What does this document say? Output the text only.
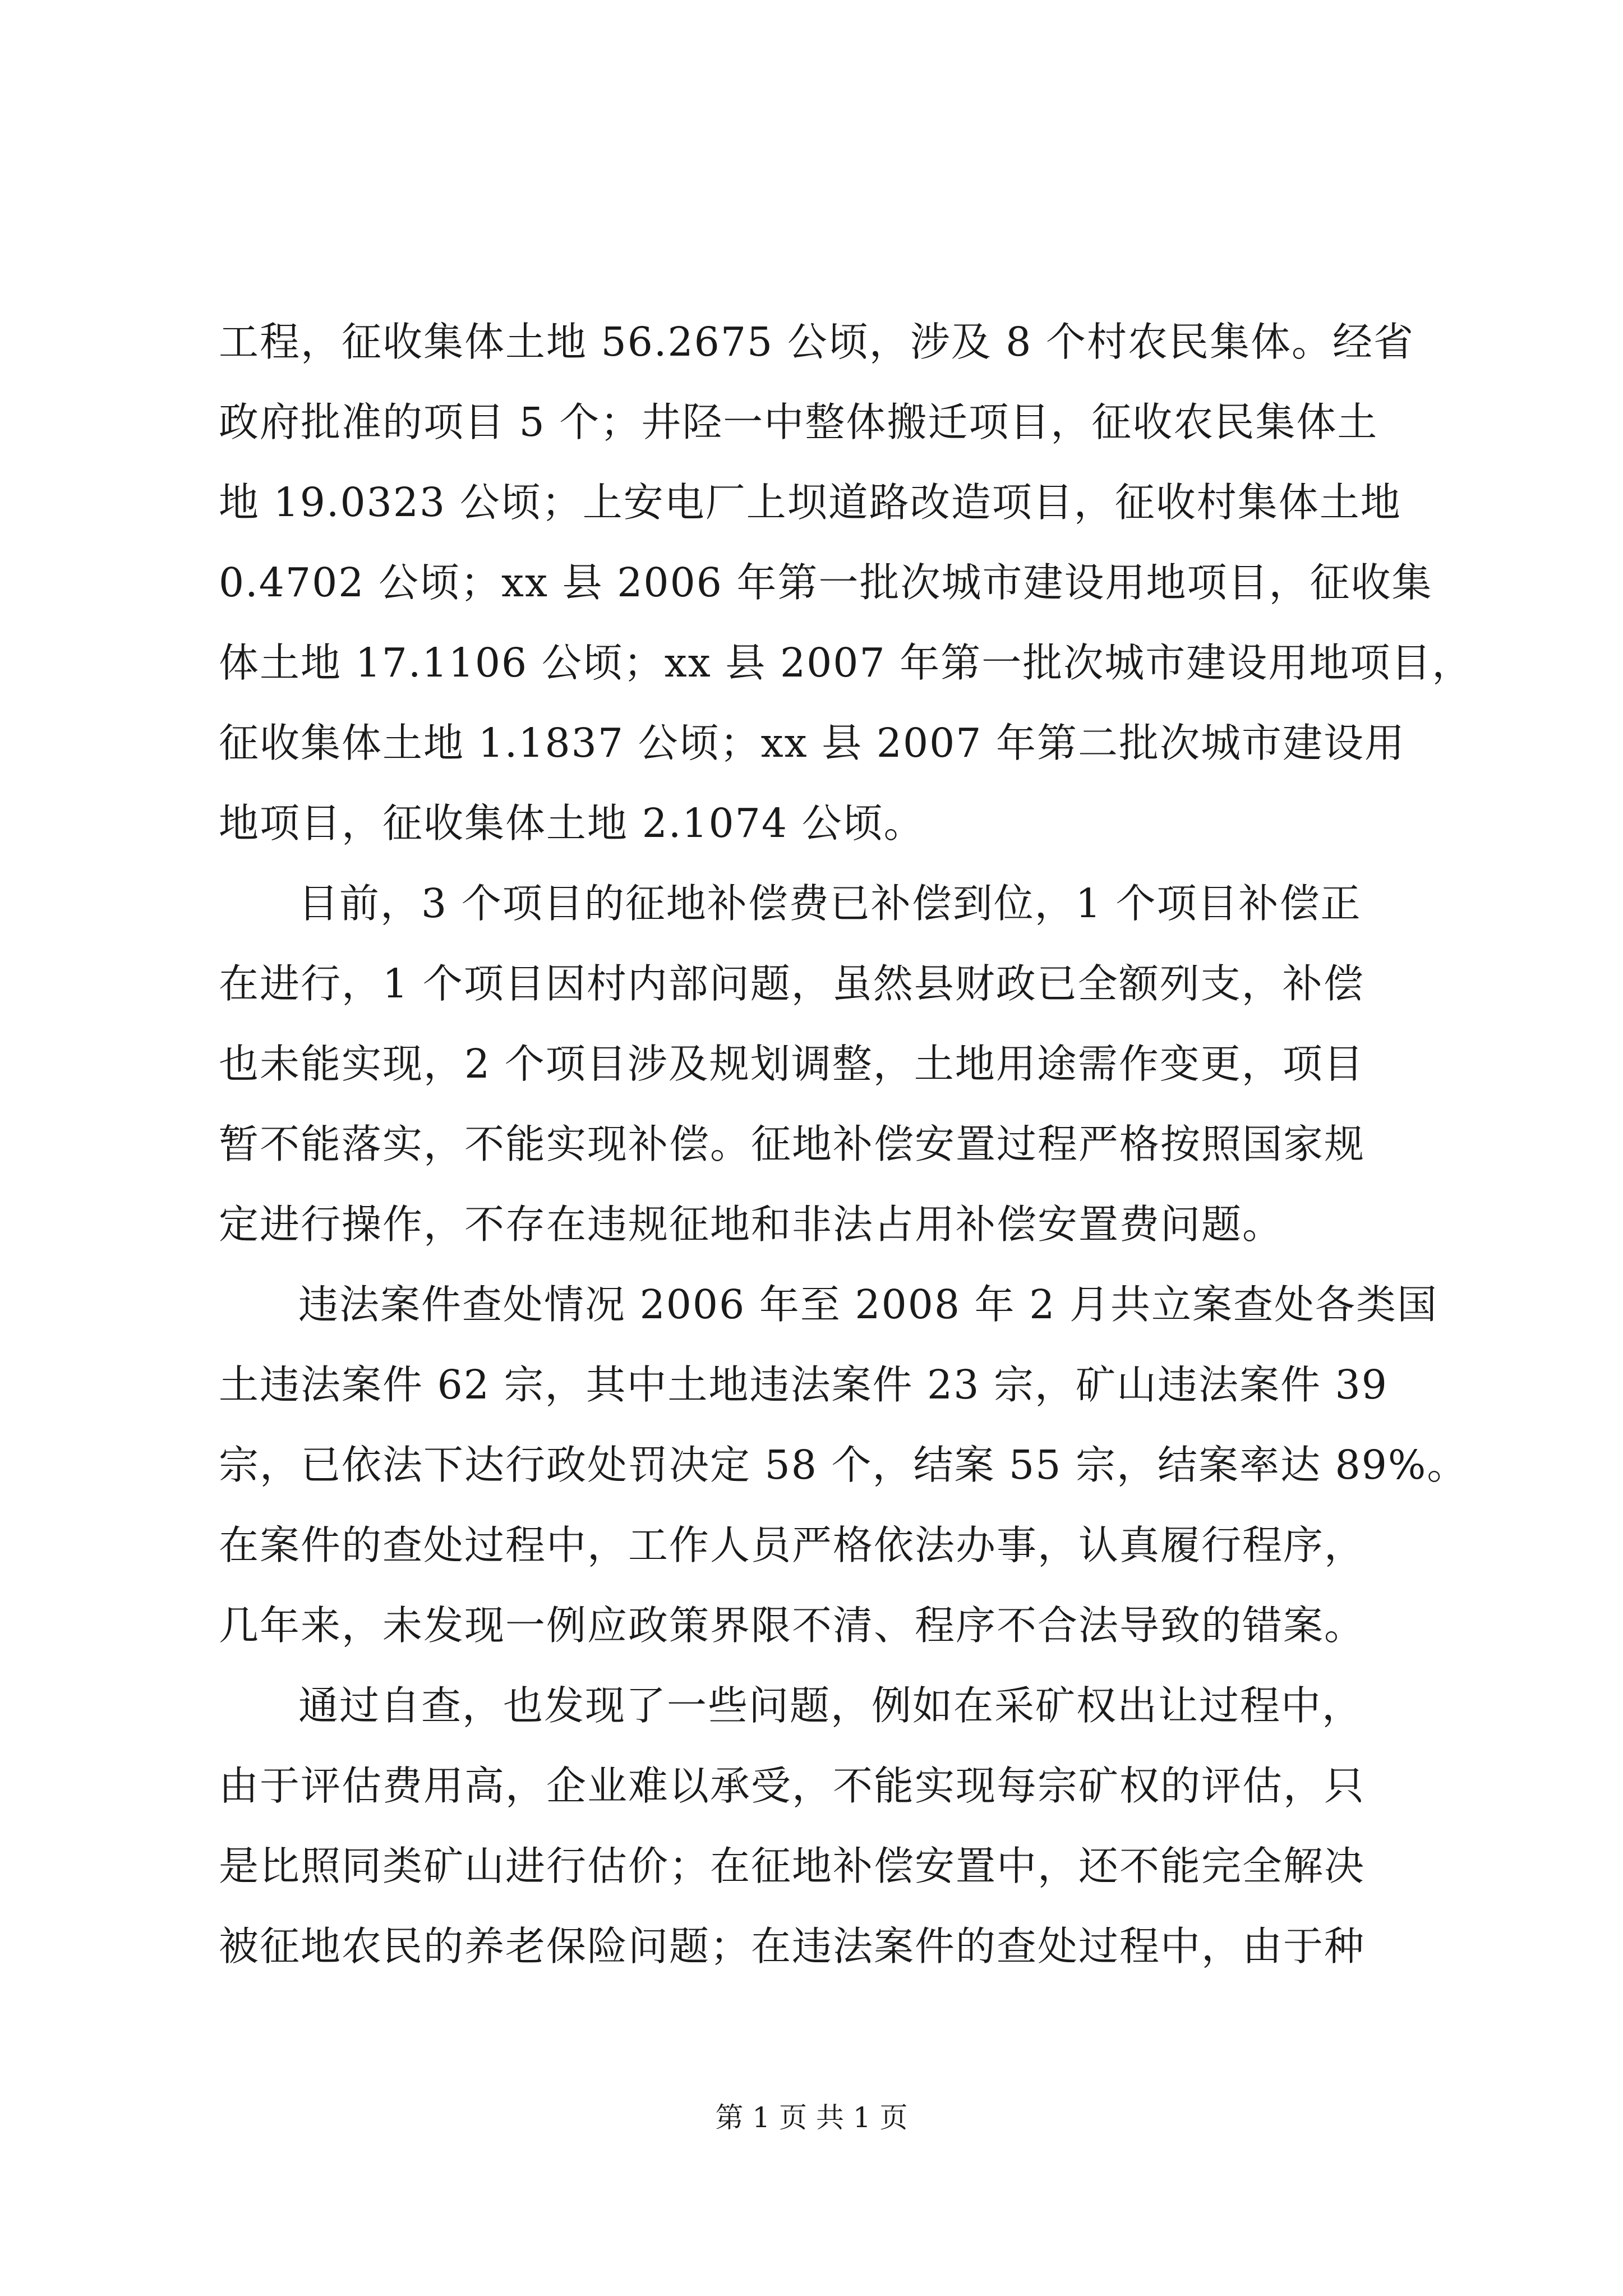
工程，征收集体土地 56.2675 公顷，涉及 8 个村农民集体。经省
政府批准的项目 5 个；井陉一中整体搬迁项目，征收农民集体土
地 19.0323 公顷；上安电厂上坝道路改造项目，征收村集体土地
0.4702 公顷；xx 县 2006 年第一批次城市建设用地项目，征收集
体土地 17.1106 公顷；xx 县 2007 年第一批次城市建设用地项目，
征收集体土地 1.1837 公顷；xx 县 2007 年第二批次城市建设用
地项目，征收集体土地 2.1074 公顷。
目前，3 个项目的征地补偿费已补偿到位，1 个项目补偿正
在进行，1 个项目因村内部问题，虽然县财政已全额列支，补偿
也未能实现，2 个项目涉及规划调整，土地用途需作变更，项目
暂不能落实，不能实现补偿。征地补偿安置过程严格按照国家规
定进行操作，不存在违规征地和非法占用补偿安置费问题。
违法案件查处情况 2006 年至 2008 年 2 月共立案查处各类国
土违法案件 62 宗，其中土地违法案件 23 宗，矿山违法案件 39
宗，已依法下达行政处罚决定 58 个，结案 55 宗，结案率达 89%。
在案件的查处过程中，工作人员严格依法办事，认真履行程序，
几年来，未发现一例应政策界限不清、程序不合法导致的错案。
通过自查，也发现了一些问题，例如在采矿权出让过程中，
由于评估费用高，企业难以承受，不能实现每宗矿权的评估，只
是比照同类矿山进行估价；在征地补偿安置中，还不能完全解决
被征地农民的养老保险问题；在违法案件的查处过程中，由于种
第 1 页 共 1 页
